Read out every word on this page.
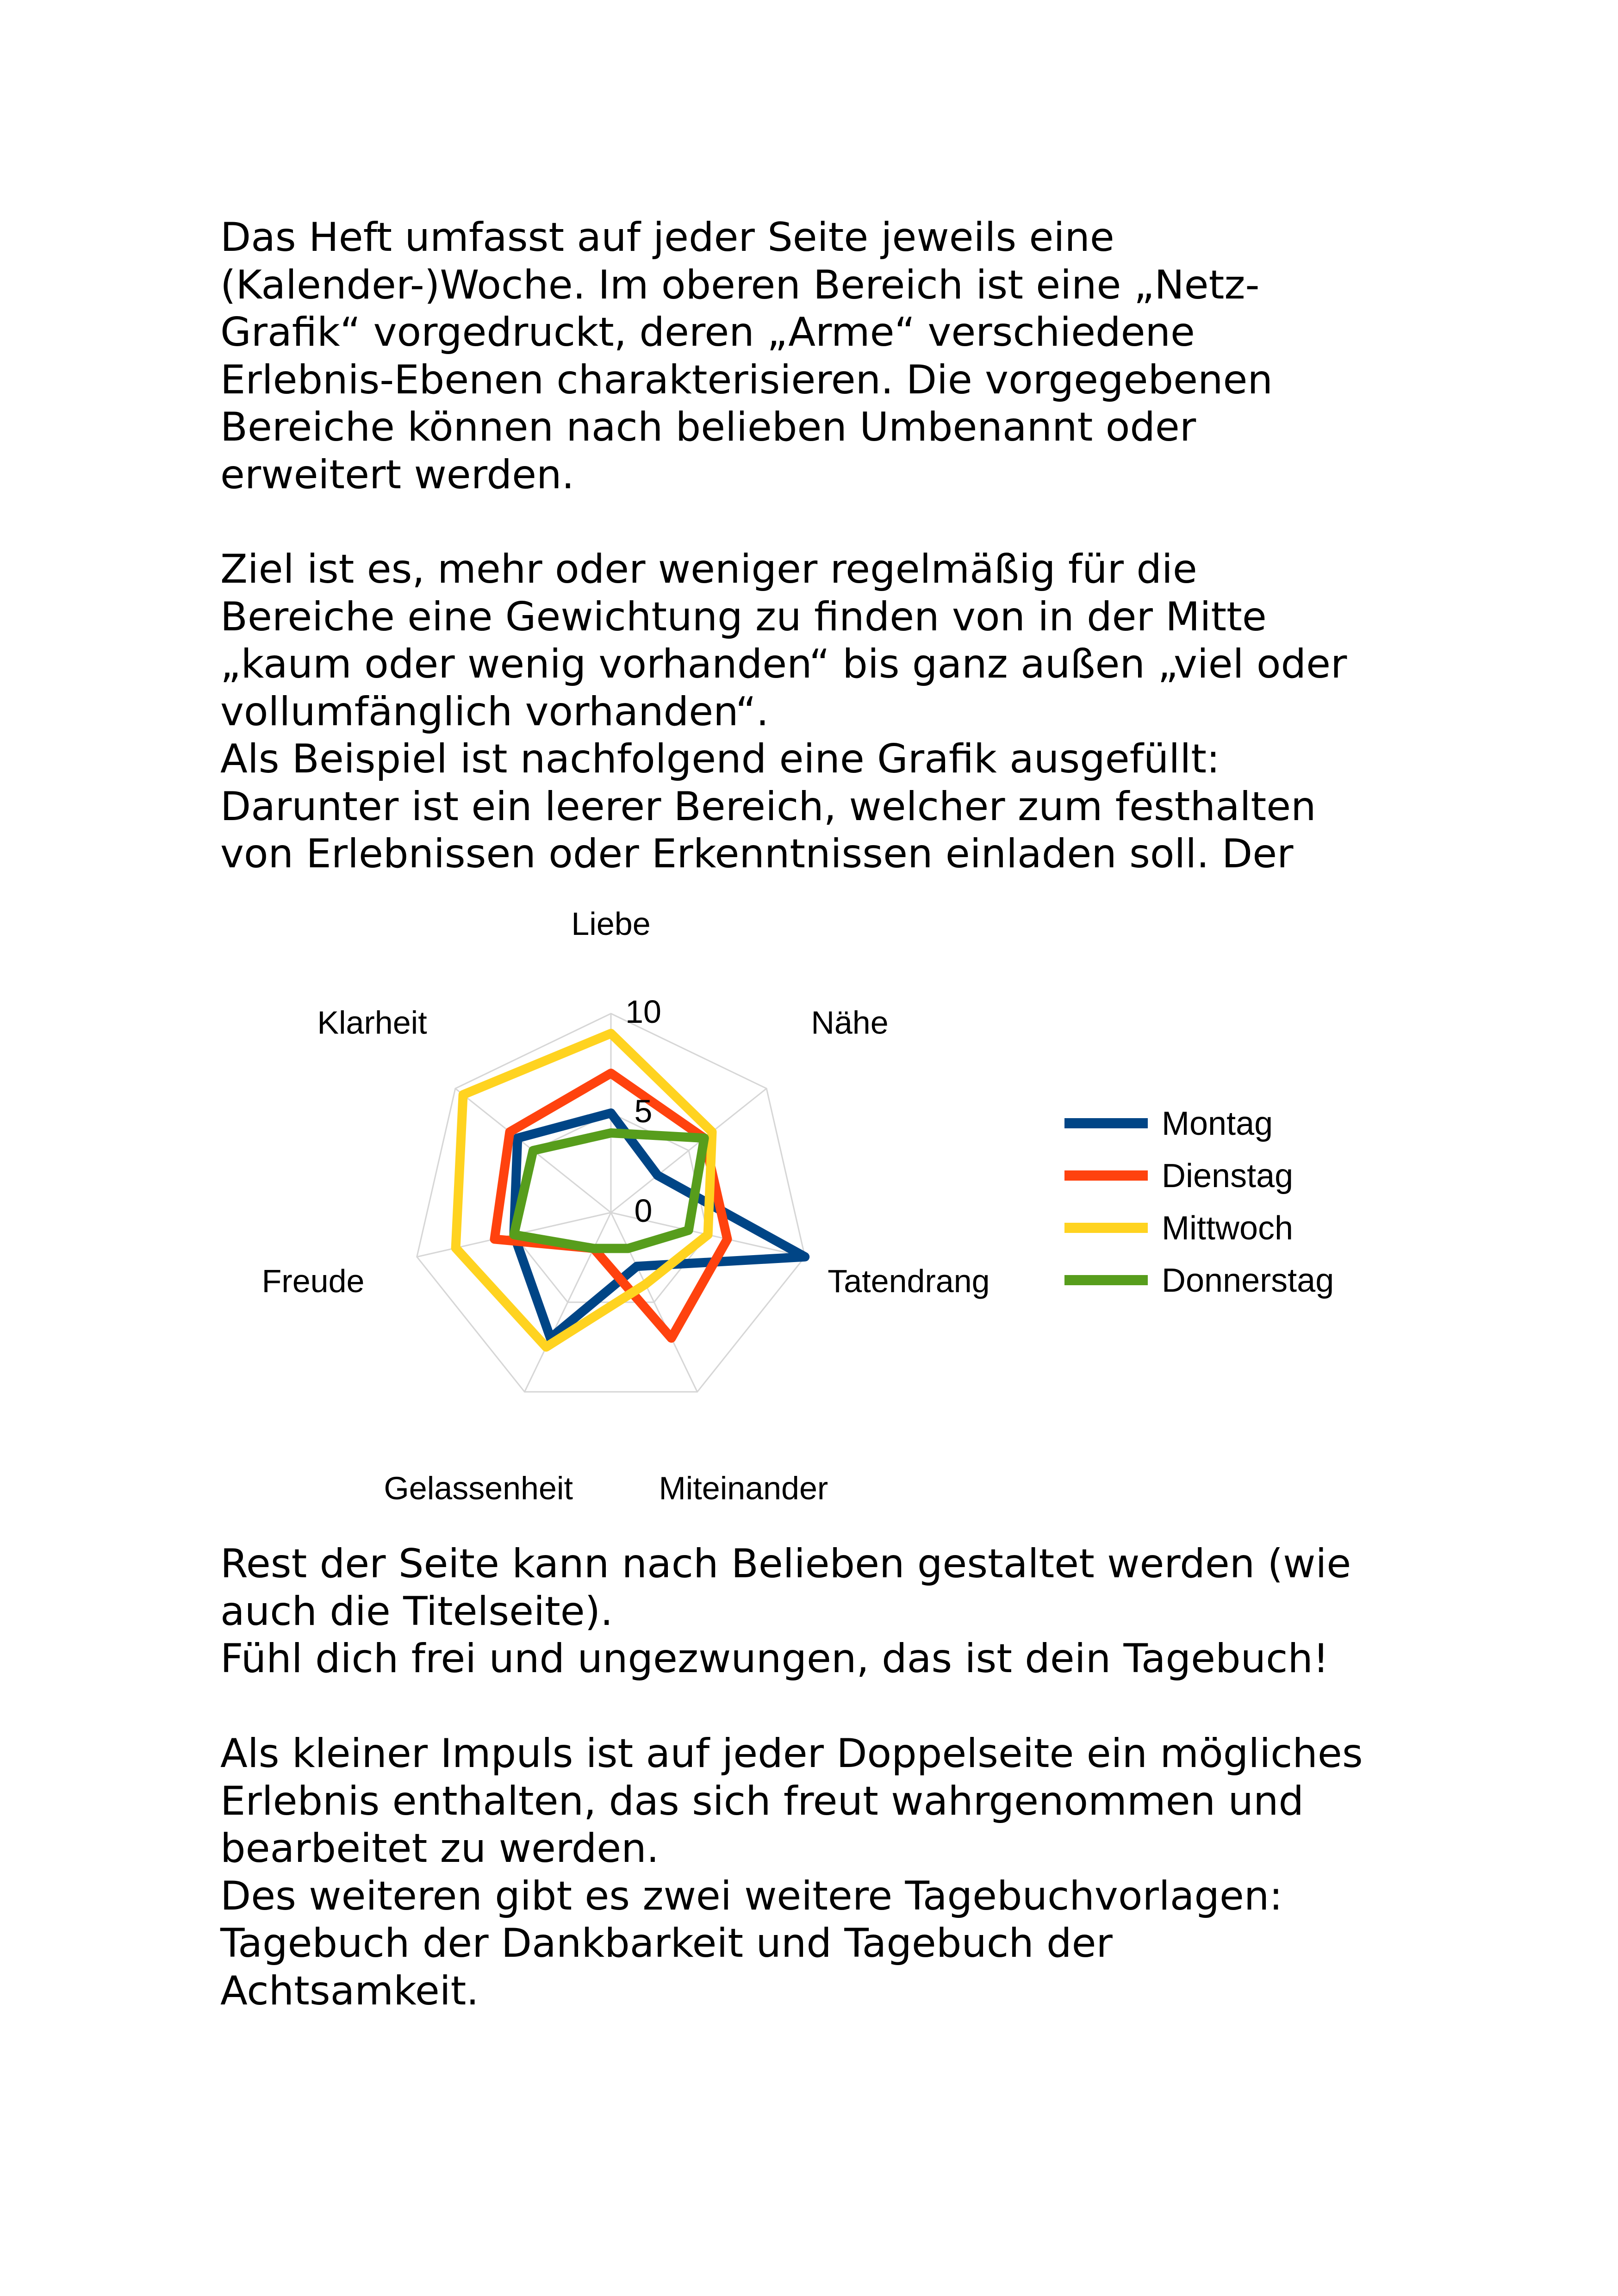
Das Heft umfasst auf jeder Seite jeweils eine
(Kalender-)Woche. Im oberen Bereich ist eine „Netz-
Grafik“ vorgedruckt, deren „Arme“ verschiedene
Erlebnis-Ebenen charakterisieren. Die vorgegebenen
Bereiche können nach belieben Umbenannt oder
erweitert werden.
Ziel ist es, mehr oder weniger regelmäßig für die
Bereiche eine Gewichtung zu finden von in der Mitte
„kaum oder wenig vorhanden“ bis ganz außen „viel oder
vollumfänglich vorhanden“.
Als Beispiel ist nachfolgend eine Grafik ausgefüllt:
Darunter ist ein leerer Bereich, welcher zum festhalten
von Erlebnissen oder Erkenntnissen einladen soll. Der
Rest der Seite kann nach Belieben gestaltet werden (wie
auch die Titelseite).
Fühl dich frei und ungezwungen, das ist dein Tagebuch!
Als kleiner Impuls ist auf jeder Doppelseite ein mögliches
Erlebnis enthalten, das sich freut wahrgenommen und
bearbeitet zu werden.
Des weiteren gibt es zwei weitere Tagebuchvorlagen:
Tagebuch der Dankbarkeit und Tagebuch der
Achtsamkeit.
0
5
10
Liebe
Nähe
Tatendrang
Miteinander
Gelassenheit
Freude
Klarheit
Montag
Dienstag
Mittwoch
Donnerstag
